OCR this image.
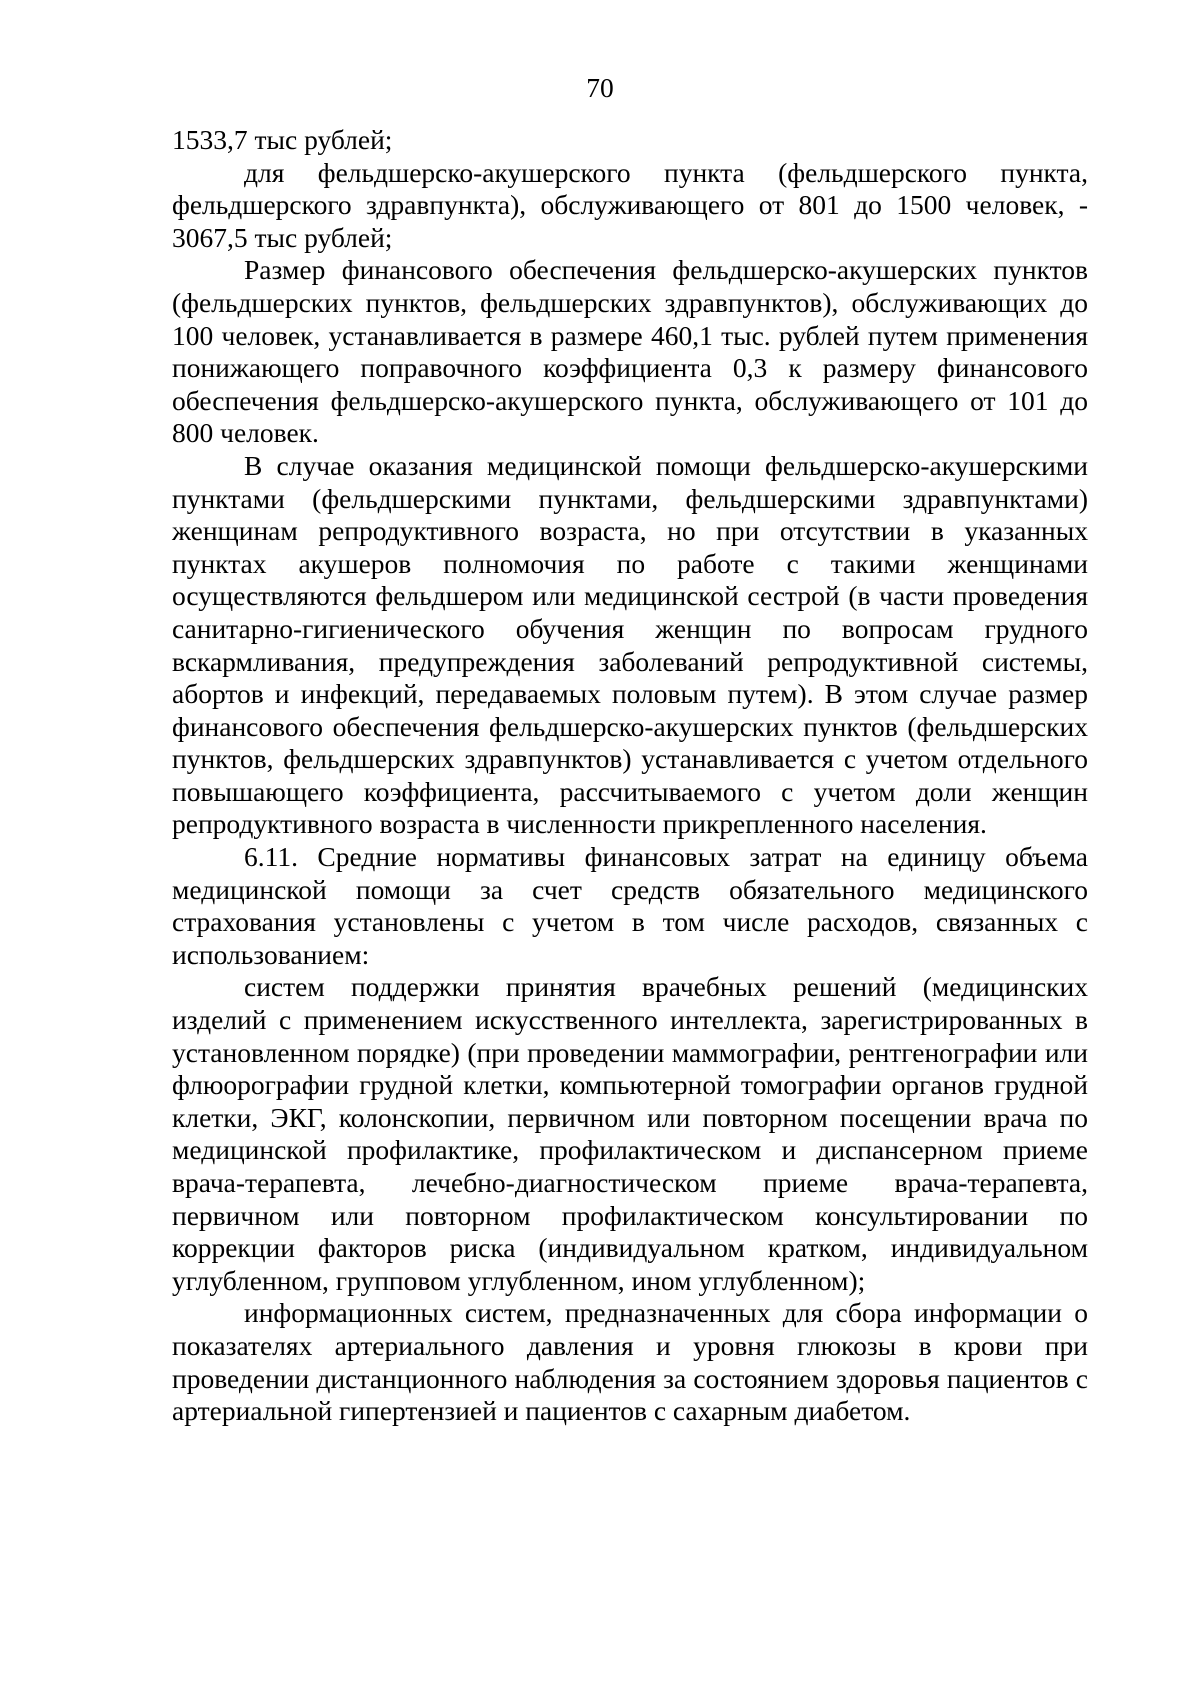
70

1533,7 тыс рублей;

для фельдшерско-акушерского пункта (фельдшерского пункта, фельдшерского здравпункта), обслуживающего от 801 до 1500 человек, - 3067,5 тыс рублей;

Размер финансового обеспечения фельдшерско-акушерских пунктов (фельдшерских пунктов, фельдшерских здравпунктов), обслуживающих до 100 человек, устанавливается в размере 460,1 тыс. рублей путем применения понижающего поправочного коэффициента 0,3 к размеру финансового обеспечения фельдшерско-акушерского пункта, обслуживающего от 101 до 800 человек.

В случае оказания медицинской помощи фельдшерско-акушерскими пунктами (фельдшерскими пунктами, фельдшерскими здравпунктами) женщинам репродуктивного возраста, но при отсутствии в указанных пунктах акушеров полномочия по работе с такими женщинами осуществляются фельдшером или медицинской сестрой (в части проведения санитарно-гигиенического обучения женщин по вопросам грудного вскармливания, предупреждения заболеваний репродуктивной системы, абортов и инфекций, передаваемых половым путем). В этом случае размер финансового обеспечения фельдшерско-акушерских пунктов (фельдшерских пунктов, фельдшерских здравпунктов) устанавливается с учетом отдельного повышающего коэффициента, рассчитываемого с учетом доли женщин репродуктивного возраста в численности прикрепленного населения.

6.11. Средние нормативы финансовых затрат на единицу объема медицинской помощи за счет средств обязательного медицинского страхования установлены с учетом в том числе расходов, связанных с использованием:

систем поддержки принятия врачебных решений (медицинских изделий с применением искусственного интеллекта, зарегистрированных в установленном порядке) (при проведении маммографии, рентгенографии или флюорографии грудной клетки, компьютерной томографии органов грудной клетки, ЭКГ, колонскопии, первичном или повторном посещении врача по медицинской профилактике, профилактическом и диспансерном приеме врача-терапевта, лечебно-диагностическом приеме врача-терапевта, первичном или повторном профилактическом консультировании по коррекции факторов риска (индивидуальном кратком, индивидуальном углубленном, групповом углубленном, ином углубленном);

информационных систем, предназначенных для сбора информации о показателях артериального давления и уровня глюкозы в крови при проведении дистанционного наблюдения за состоянием здоровья пациентов с артериальной гипертензией и пациентов с сахарным диабетом.
